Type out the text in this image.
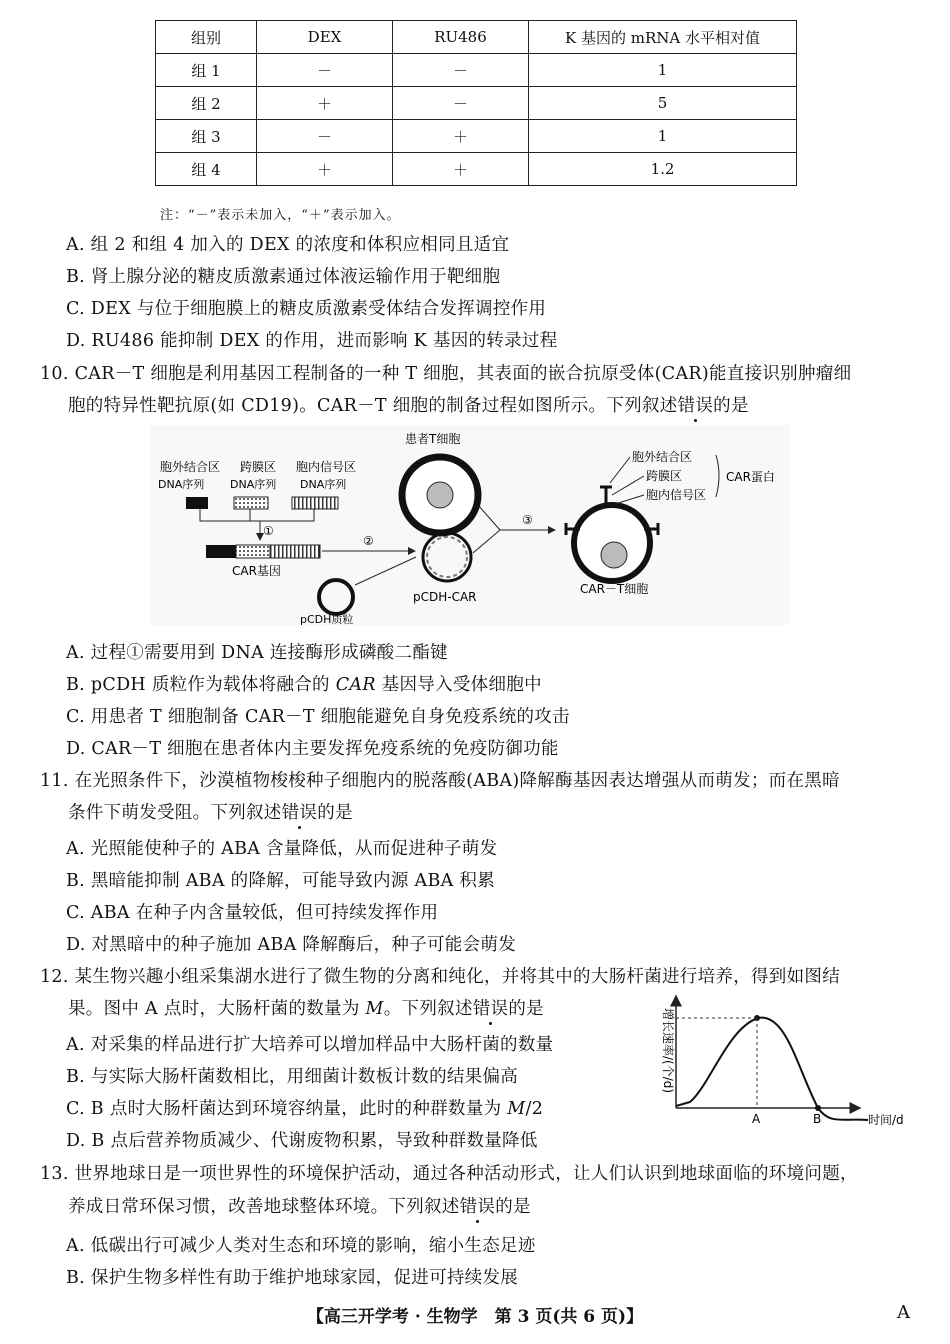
组别	DEX	RU486	K 基因的 mRNA 水平相对值
组 1	－	－	1
组 2	＋	－	5
组 3	－	＋	1
组 4	＋	＋	1.2
注：“－”表示未加入，“＋”表示加入。
A. 组 2 和组 4 加入的 DEX 的浓度和体积应相同且适宜
B. 肾上腺分泌的糖皮质激素通过体液运输作用于靶细胞
C. DEX 与位于细胞膜上的糖皮质激素受体结合发挥调控作用
D. RU486 能抑制 DEX 的作用，进而影响 K 基因的转录过程
10. CAR－T 细胞是利用基因工程制备的一种 T 细胞，其表面的嵌合抗原受体(CAR)能直接识别肿瘤细
胞的特异性靶抗原(如 CD19)。CAR－T 细胞的制备过程如图所示。下列叙述错误的是
胞外结合区 跨膜区 胞内信号区
DNA序列 DNA序列 DNA序列
①
CAR基因
pCDH质粒
②
pCDH-CAR
患者T细胞
③
CAR－T细胞
胞外结合区
跨膜区
胞内信号区
CAR蛋白
A. 过程①需要用到 DNA 连接酶形成磷酸二酯键
B. pCDH 质粒作为载体将融合的 CAR 基因导入受体细胞中
C. 用患者 T 细胞制备 CAR－T 细胞能避免自身免疫系统的攻击
D. CAR－T 细胞在患者体内主要发挥免疫系统的免疫防御功能
11. 在光照条件下，沙漠植物梭梭种子细胞内的脱落酸(ABA)降解酶基因表达增强从而萌发；而在黑暗
条件下萌发受阻。下列叙述错误的是
A. 光照能使种子的 ABA 含量降低，从而促进种子萌发
B. 黑暗能抑制 ABA 的降解，可能导致内源 ABA 积累
C. ABA 在种子内含量较低，但可持续发挥作用
D. 对黑暗中的种子施加 ABA 降解酶后，种子可能会萌发
12. 某生物兴趣小组采集湖水进行了微生物的分离和纯化，并将其中的大肠杆菌进行培养，得到如图结
果。图中 A 点时，大肠杆菌的数量为 M。下列叙述错误的是
A. 对采集的样品进行扩大培养可以增加样品中大肠杆菌的数量
B. 与实际大肠杆菌数相比，用细菌计数板计数的结果偏高
C. B 点时大肠杆菌达到环境容纳量，此时的种群数量为 M/2
D. B 点后营养物质减少、代谢废物积累，导致种群数量降低
增长速率/(个/d)
A	B	时间/d
13. 世界地球日是一项世界性的环境保护活动，通过各种活动形式，让人们认识到地球面临的环境问题，
养成日常环保习惯，改善地球整体环境。下列叙述错误的是
A. 低碳出行可减少人类对生态和环境的影响，缩小生态足迹
B. 保护生物多样性有助于维护地球家园，促进可持续发展
【高三开学考 · 生物学　第 3 页(共 6 页)】	A
